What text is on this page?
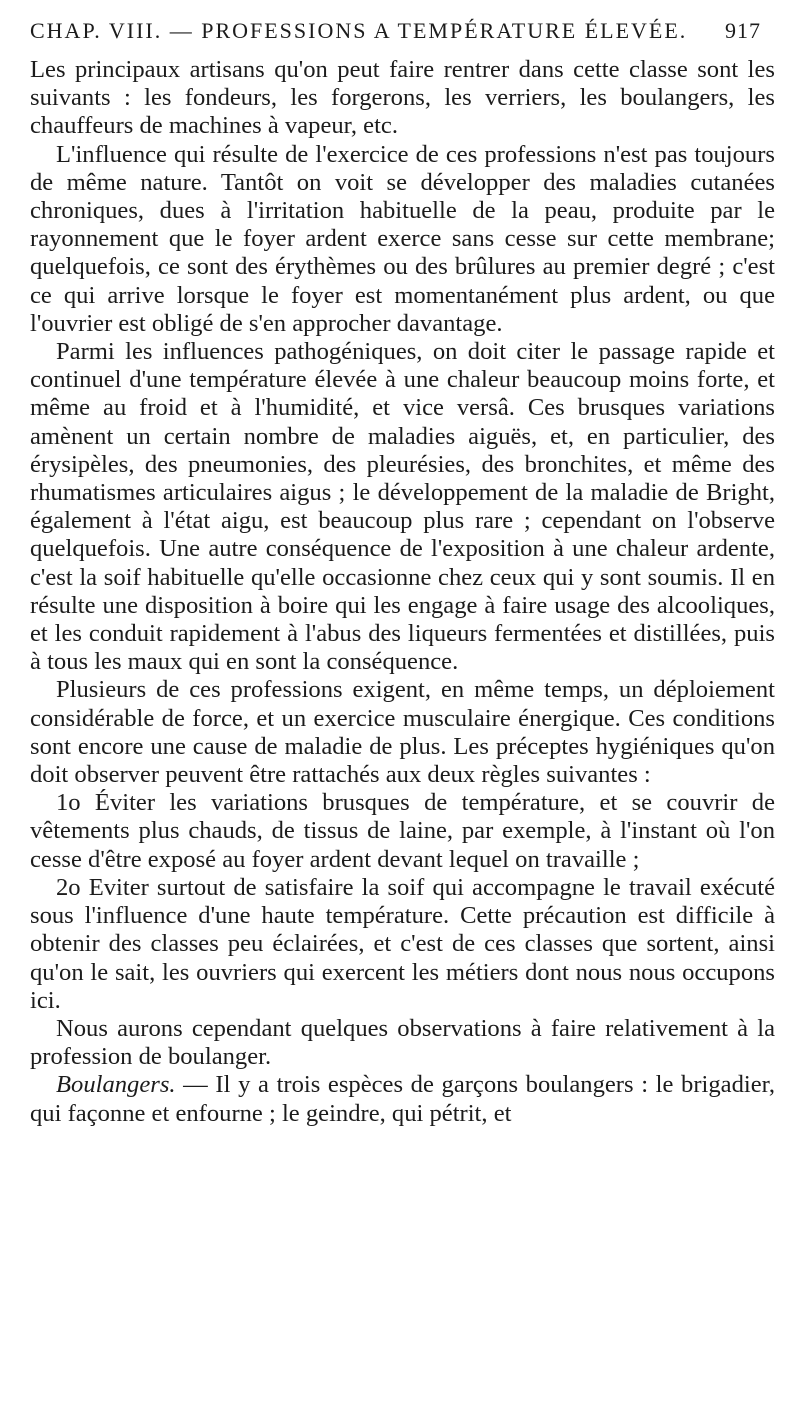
CHAP. VIII. — PROFESSIONS A TEMPÉRATURE ÉLEVÉE. 917

Les principaux artisans qu'on peut faire rentrer dans cette classe sont les suivants : les fondeurs, les forgerons, les verriers, les boulangers, les chauffeurs de machines à vapeur, etc.

L'influence qui résulte de l'exercice de ces professions n'est pas toujours de même nature. Tantôt on voit se développer des maladies cutanées chroniques, dues à l'irritation habituelle de la peau, produite par le rayonnement que le foyer ardent exerce sans cesse sur cette membrane; quelquefois, ce sont des érythèmes ou des brûlures au premier degré ; c'est ce qui arrive lorsque le foyer est momentanément plus ardent, ou que l'ouvrier est obligé de s'en approcher davantage.

Parmi les influences pathogéniques, on doit citer le passage rapide et continuel d'une température élevée à une chaleur beaucoup moins forte, et même au froid et à l'humidité, et vice versâ. Ces brusques variations amènent un certain nombre de maladies aiguës, et, en particulier, des érysipèles, des pneumonies, des pleurésies, des bronchites, et même des rhumatismes articulaires aigus ; le développement de la maladie de Bright, également à l'état aigu, est beaucoup plus rare ; cependant on l'observe quelquefois. Une autre conséquence de l'exposition à une chaleur ardente, c'est la soif habituelle qu'elle occasionne chez ceux qui y sont soumis. Il en résulte une disposition à boire qui les engage à faire usage des alcooliques, et les conduit rapidement à l'abus des liqueurs fermentées et distillées, puis à tous les maux qui en sont la conséquence.

Plusieurs de ces professions exigent, en même temps, un déploiement considérable de force, et un exercice musculaire énergique. Ces conditions sont encore une cause de maladie de plus. Les préceptes hygiéniques qu'on doit observer peuvent être rattachés aux deux règles suivantes :

1o Éviter les variations brusques de température, et se couvrir de vêtements plus chauds, de tissus de laine, par exemple, à l'instant où l'on cesse d'être exposé au foyer ardent devant lequel on travaille ;

2o Eviter surtout de satisfaire la soif qui accompagne le travail exécuté sous l'influence d'une haute température. Cette précaution est difficile à obtenir des classes peu éclairées, et c'est de ces classes que sortent, ainsi qu'on le sait, les ouvriers qui exercent les métiers dont nous nous occupons ici.

Nous aurons cependant quelques observations à faire relativement à la profession de boulanger.

Boulangers. — Il y a trois espèces de garçons boulangers : le brigadier, qui façonne et enfourne ; le geindre, qui pétrit, et
